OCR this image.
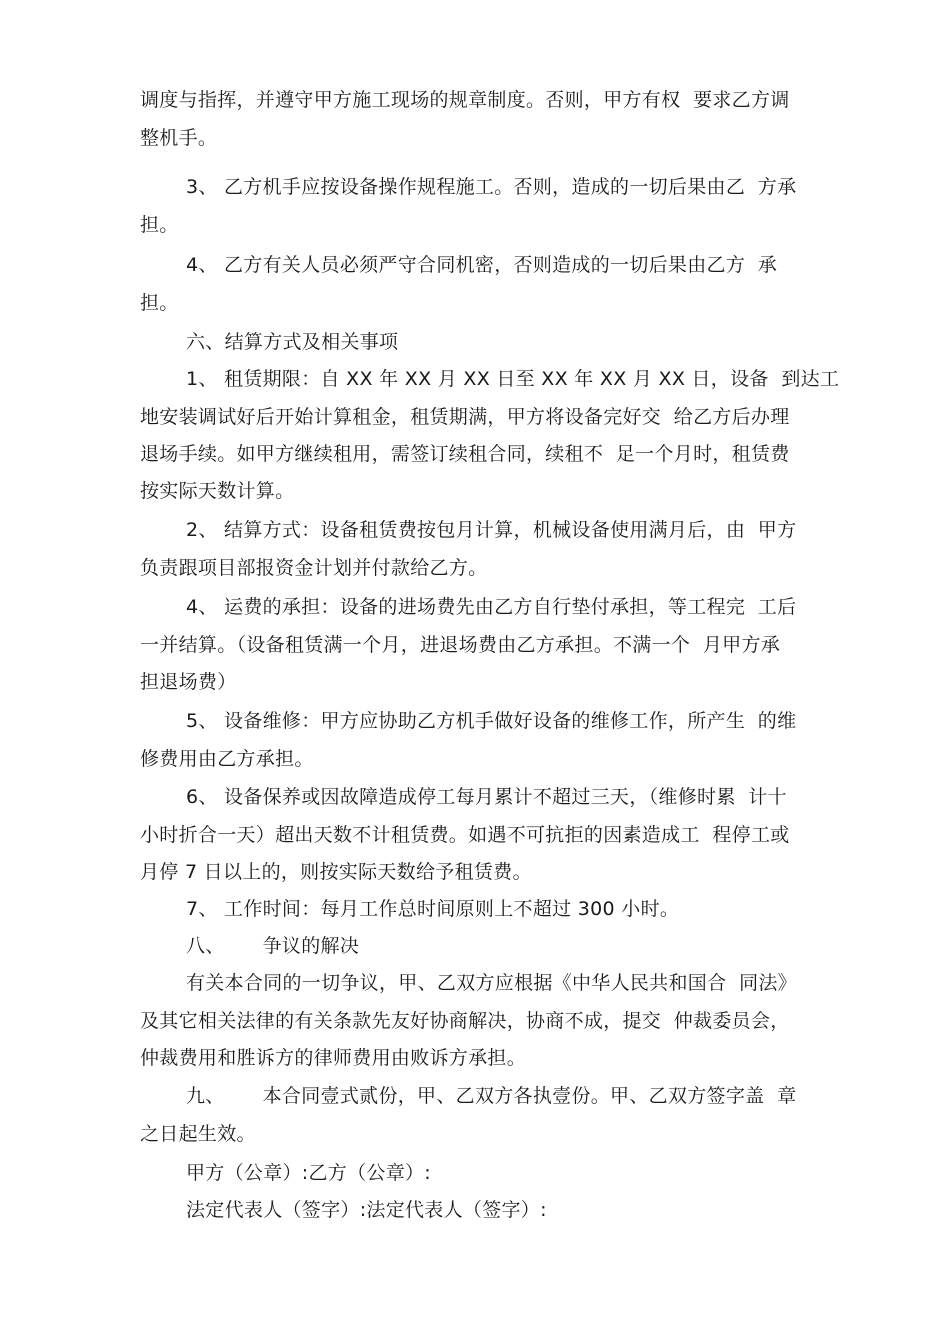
调度与指挥，并遵守甲方施工现场的规章制度。否则，甲方有权  要求乙方调
整机手。
3、 乙方机手应按设备操作规程施工。否则，造成的一切后果由乙  方承
担。
4、 乙方有关人员必须严守合同机密，否则造成的一切后果由乙方  承
担。
六、结算方式及相关事项
1、 租赁期限：自 XX 年 XX 月 XX 日至 XX 年 XX 月 XX 日，设备  到达工
地安装调试好后开始计算租金，租赁期满，甲方将设备完好交  给乙方后办理
退场手续。如甲方继续租用，需签订续租合同，续租不  足一个月时，租赁费
按实际天数计算。
2、 结算方式：设备租赁费按包月计算，机械设备使用满月后，由  甲方
负责跟项目部报资金计划并付款给乙方。
4、 运费的承担：设备的进场费先由乙方自行垫付承担，等工程完  工后
一并结算。（设备租赁满一个月，进退场费由乙方承担。不满一个  月甲方承
担退场费）
5、 设备维修：甲方应协助乙方机手做好设备的维修工作，所产生  的维
修费用由乙方承担。
6、 设备保养或因故障造成停工每月累计不超过三天，（维修时累  计十
小时折合一天）超出天数不计租赁费。如遇不可抗拒的因素造成工  程停工或
月停 7 日以上的，则按实际天数给予租赁费。
7、 工作时间：每月工作总时间原则上不超过 300 小时。
八、      争议的解决
有关本合同的一切争议，甲、乙双方应根据《中华人民共和国合  同法》
及其它相关法律的有关条款先友好协商解决，协商不成，提交  仲裁委员会，
仲裁费用和胜诉方的律师费用由败诉方承担。
九、      本合同壹式贰份，甲、乙双方各执壹份。甲、乙双方签字盖  章
之日起生效。
甲方（公章）:乙方（公章）:
法定代表人（签字）:法定代表人（签字）:
